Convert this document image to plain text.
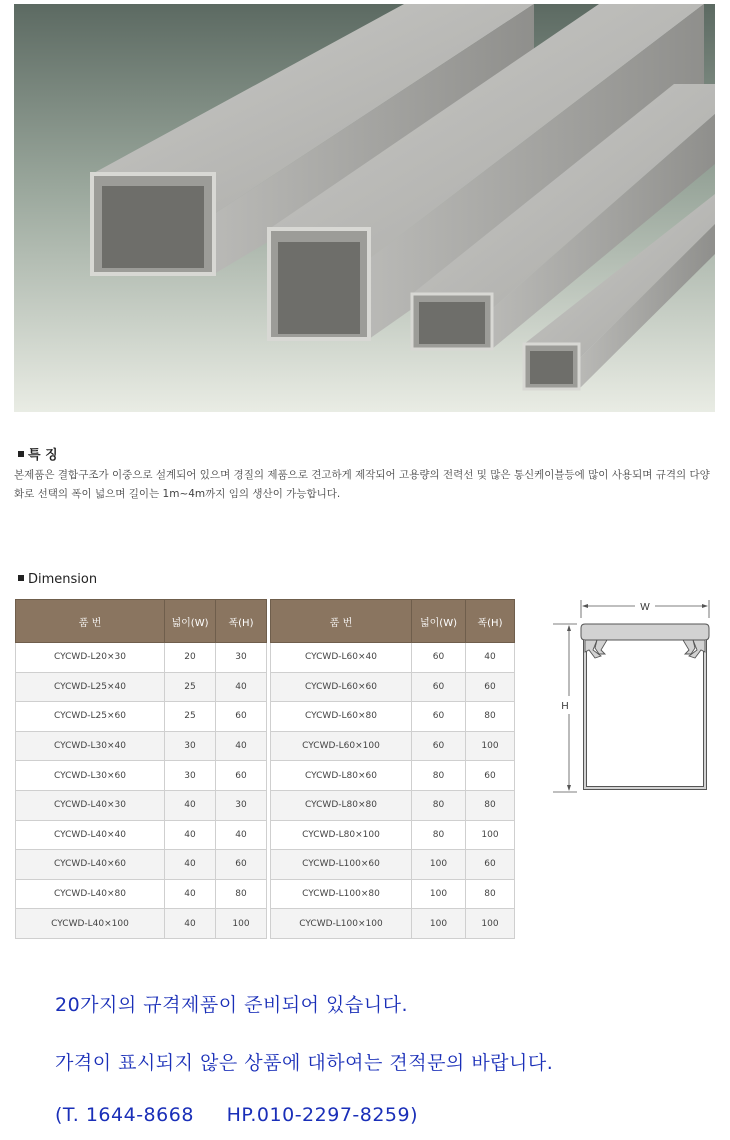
특 징
본제품은 결합구조가 이중으로 설계되어 있으며 경질의 제품으로 견고하게 제작되어 고용량의 전력선 및 많은 통신케이블등에 많이 사용되며 규격의 다양화로 선택의 폭이 넓으며 길이는 1m~4m까지 임의 생산이 가능합니다.
Dimension
품 번	넓이(W)	폭(H)		품 번	넓이(W)	폭(H)
CYCWD-L20×30	20	30		CYCWD-L60×40	60	40
CYCWD-L25×40	25	40		CYCWD-L60×60	60	60
CYCWD-L25×60	25	60		CYCWD-L60×80	60	80
CYCWD-L30×40	30	40		CYCWD-L60×100	60	100
CYCWD-L30×60	30	60		CYCWD-L80×60	80	60
CYCWD-L40×30	40	30		CYCWD-L80×80	80	80
CYCWD-L40×40	40	40		CYCWD-L80×100	80	100
CYCWD-L40×60	40	60		CYCWD-L100×60	100	60
CYCWD-L40×80	40	80		CYCWD-L100×80	100	80
CYCWD-L40×100	40	100		CYCWD-L100×100	100	100
W
H
20가지의 규격제품이 준비되어 있습니다.
가격이 표시되지 않은 상품에 대하여는 견적문의 바랍니다.
(T. 1644-8668     HP.010-2297-8259)
